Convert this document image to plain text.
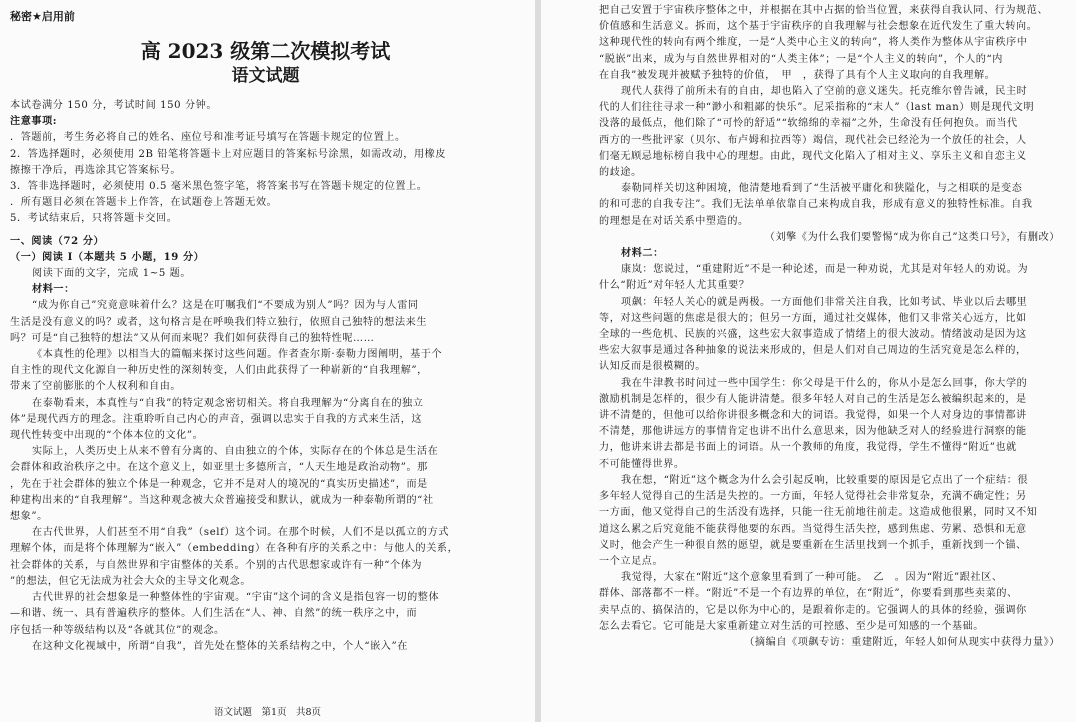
秘密★启用前
高 2023 级第二次模拟考试
语文试题

本试卷满分 150 分，考试时间 150 分钟。

注意事项:

．答题前，考生务必将自己的姓名、座位号和准考证号填写在答题卡规定的位置上。

2．答选择题时，必须使用 2B 铅笔将答题卡上对应题目的答案标号涂黑，如需改动，用橡皮

擦擦干净后，再选涂其它答案标号。

3．答非选择题时，必须使用 0.5 毫米黑色签字笔，将答案书写在答题卡规定的位置上。

．所有题目必须在答题卡上作答，在试题卷上答题无效。

5．考试结束后，只将答题卡交回。

一、阅读（72 分）

（一）阅读 I（本题共 5 小题，19 分）

阅读下面的文字，完成 1~5 题。

材料一：

“成为你自己”究竟意味着什么？这是在叮嘱我们“不要成为别人”吗？因为与人雷同

生活是没有意义的吗？或者，这句格言是在呼唤我们特立独行，依照自己独特的想法来生

吗？可是“自己独特的想法”又从何而来呢？我们如何获得自己的独特性呢……

《本真性的伦理》以相当大的篇幅来探讨这些问题。作者查尔斯·泰勒力图阐明，基于个

自主性的现代文化源自一种历史性的深刻转变，人们由此获得了一种崭新的“自我理解”，

带来了空前膨胀的个人权利和自由。

在泰勒看来，本真性与“自我”的特定观念密切相关。将自我理解为“分离自在的独立

体”是现代西方的理念。注重聆听自己内心的声音，强调以忠实于自我的方式来生活，这

现代性转变中出现的“个体本位的文化”。

实际上，人类历史上从来不曾有分离的、自由独立的个体，实际存在的个体总是生活在

会群体和政治秩序之中。在这个意义上，如亚里士多德所言，“人天生地是政治动物”。那

，先在于社会群体的独立个体是一种观念，它并不是对人的境况的“真实历史描述”，而是

种建构出来的“自我理解”。当这种观念被大众普遍接受和默认，就成为一种泰勒所谓的“社

想象”。

在古代世界，人们甚至不用“自我”（self）这个词。在那个时候，人们不是以孤立的方式

理解个体，而是将个体理解为“嵌入”（embedding）在各种有序的关系之中：与他人的关系，

社会群体的关系，与自然世界和宇宙整体的关系。个别的古代思想家或许有一种“个体为

”的想法，但它无法成为社会大众的主导文化观念。

古代世界的社会想象是一种整体性的宇宙观。“宇宙”这个词的含义是指包容一切的整体

—和谐、统一、具有普遍秩序的整体。人们生活在“人、神、自然”的统一秩序之中，而

序包括一种等级结构以及“各就其位”的观念。

在这种文化视域中，所谓“自我”，首先处在整体的关系结构之中，个人“嵌入”在

语文试题　第1页　共8页

把自己安置于宇宙秩序整体之中，并根据在其中占据的恰当位置，来获得自我认同、行为规范、

价值感和生活意义。拆而，这个基于宇宙秩序的自我理解与社会想象在近代发生了重大转向。

这种现代性的转向有两个维度，一是“人类中心主义的转向”，将人类作为整体从宇宙秩序中

“脱嵌”出来，成为与自然世界相对的“人类主体”；一是“个人主义的转向”，个人的“内

在自我”被发现并被赋予独特的价值，　甲　，获得了具有个人主义取向的自我理解。

现代人获得了前所未有的自由，却也陷入了空前的意义迷失。托克维尔曾告诫，民主时

代的人们往往寻求一种“渺小和粗鄙的快乐”。尼采指称的“末人”（last man）则是现代文明

没落的最低点，他们除了“可怜的舒适”“软绵绵的幸福”之外，生命没有任何抱负。而当代

西方的一些批评家（贝尔、布卢姆和拉西等）竭信，现代社会已经沦为一个放任的社会，人

们毫无顾忌地标榜自我中心的理想。由此，现代文化陷入了相对主义、享乐主义和自恋主义

的歧途。

泰勒同样关切这种困境，他清楚地看到了“生活被平庸化和狭隘化，与之相联的是变态

的和可悲的自我专注”。我们无法单单依靠自己来构成自我，形成有意义的独特性标准。自我

的理想是在对话关系中塑造的。

（刘擎《为什么我们要警惕“成为你自己”这类口号》，有删改）

材料二：

康岚：您说过，“重建附近”不是一种论述，而是一种劝说，尤其是对年轻人的劝说。为

什么“附近”对年轻人尤其重要？

项飙：年轻人关心的就是两极。一方面他们非常关注自我，比如考试、毕业以后去哪里

等，对这些问题的焦虑是很大的；但另一方面，通过社交媒体，他们又非常关心远方，比如

全球的一些危机、民族的兴盛，这些宏大叙事造成了情绪上的很大波动。情绪波动是因为这

些宏大叙事是通过各种抽象的说法来形成的，但是人们对自己周边的生活究竟是怎么样的，

认知反而是很模糊的。

我在牛津教书时问过一些中国学生：你父母是干什么的，你从小是怎么回事，你大学的

激励机制是怎样的，很少有人能讲清楚。很多年轻人对自己的生活是怎么被编织起来的，是

讲不清楚的，但他可以给你讲很多概念和大的词语。我觉得，如果一个人对身边的事情都讲

不清楚，那他讲远方的事情肯定也讲不出什么意思来，因为他缺乏对人的经验进行洞察的能

力，他讲来讲去都是书面上的词语。从一个教师的角度，我觉得，学生不懂得“附近”也就

不可能懂得世界。

我在想，“附近”这个概念为什么会引起反响，比较重要的原因是它点出了一个症结：很

多年轻人觉得自己的生活是失控的。一方面，年轻人觉得社会非常复杂，充满不确定性；另

一方面，他又觉得自己的生活没有选择，只能一往无前地往前走。这造成他很累，同时又不知

道这么累之后究竟能不能获得他要的东西。当觉得生活失控，感到焦虑、劳累、恐惧和无意

义时，他会产生一种很自然的愿望，就是要重新在生活里找到一个抓手，重新找到一个锚、

一个立足点。

我觉得，大家在“附近”这个意象里看到了一种可能。　乙　。因为“附近”跟社区、

群体、部落都不一样。“附近”不是一个有边界的单位，在“附近”，你要看到那些卖菜的、

卖早点的、搞保洁的，它是以你为中心的，是跟着你走的。它强调人的具体的经验，强调你

怎么去看它。它可能是大家重新建立对生活的可控感、至少是可知感的一个基础。

（摘编自《项飙专访：重建附近，年轻人如何从现实中获得力量》）
